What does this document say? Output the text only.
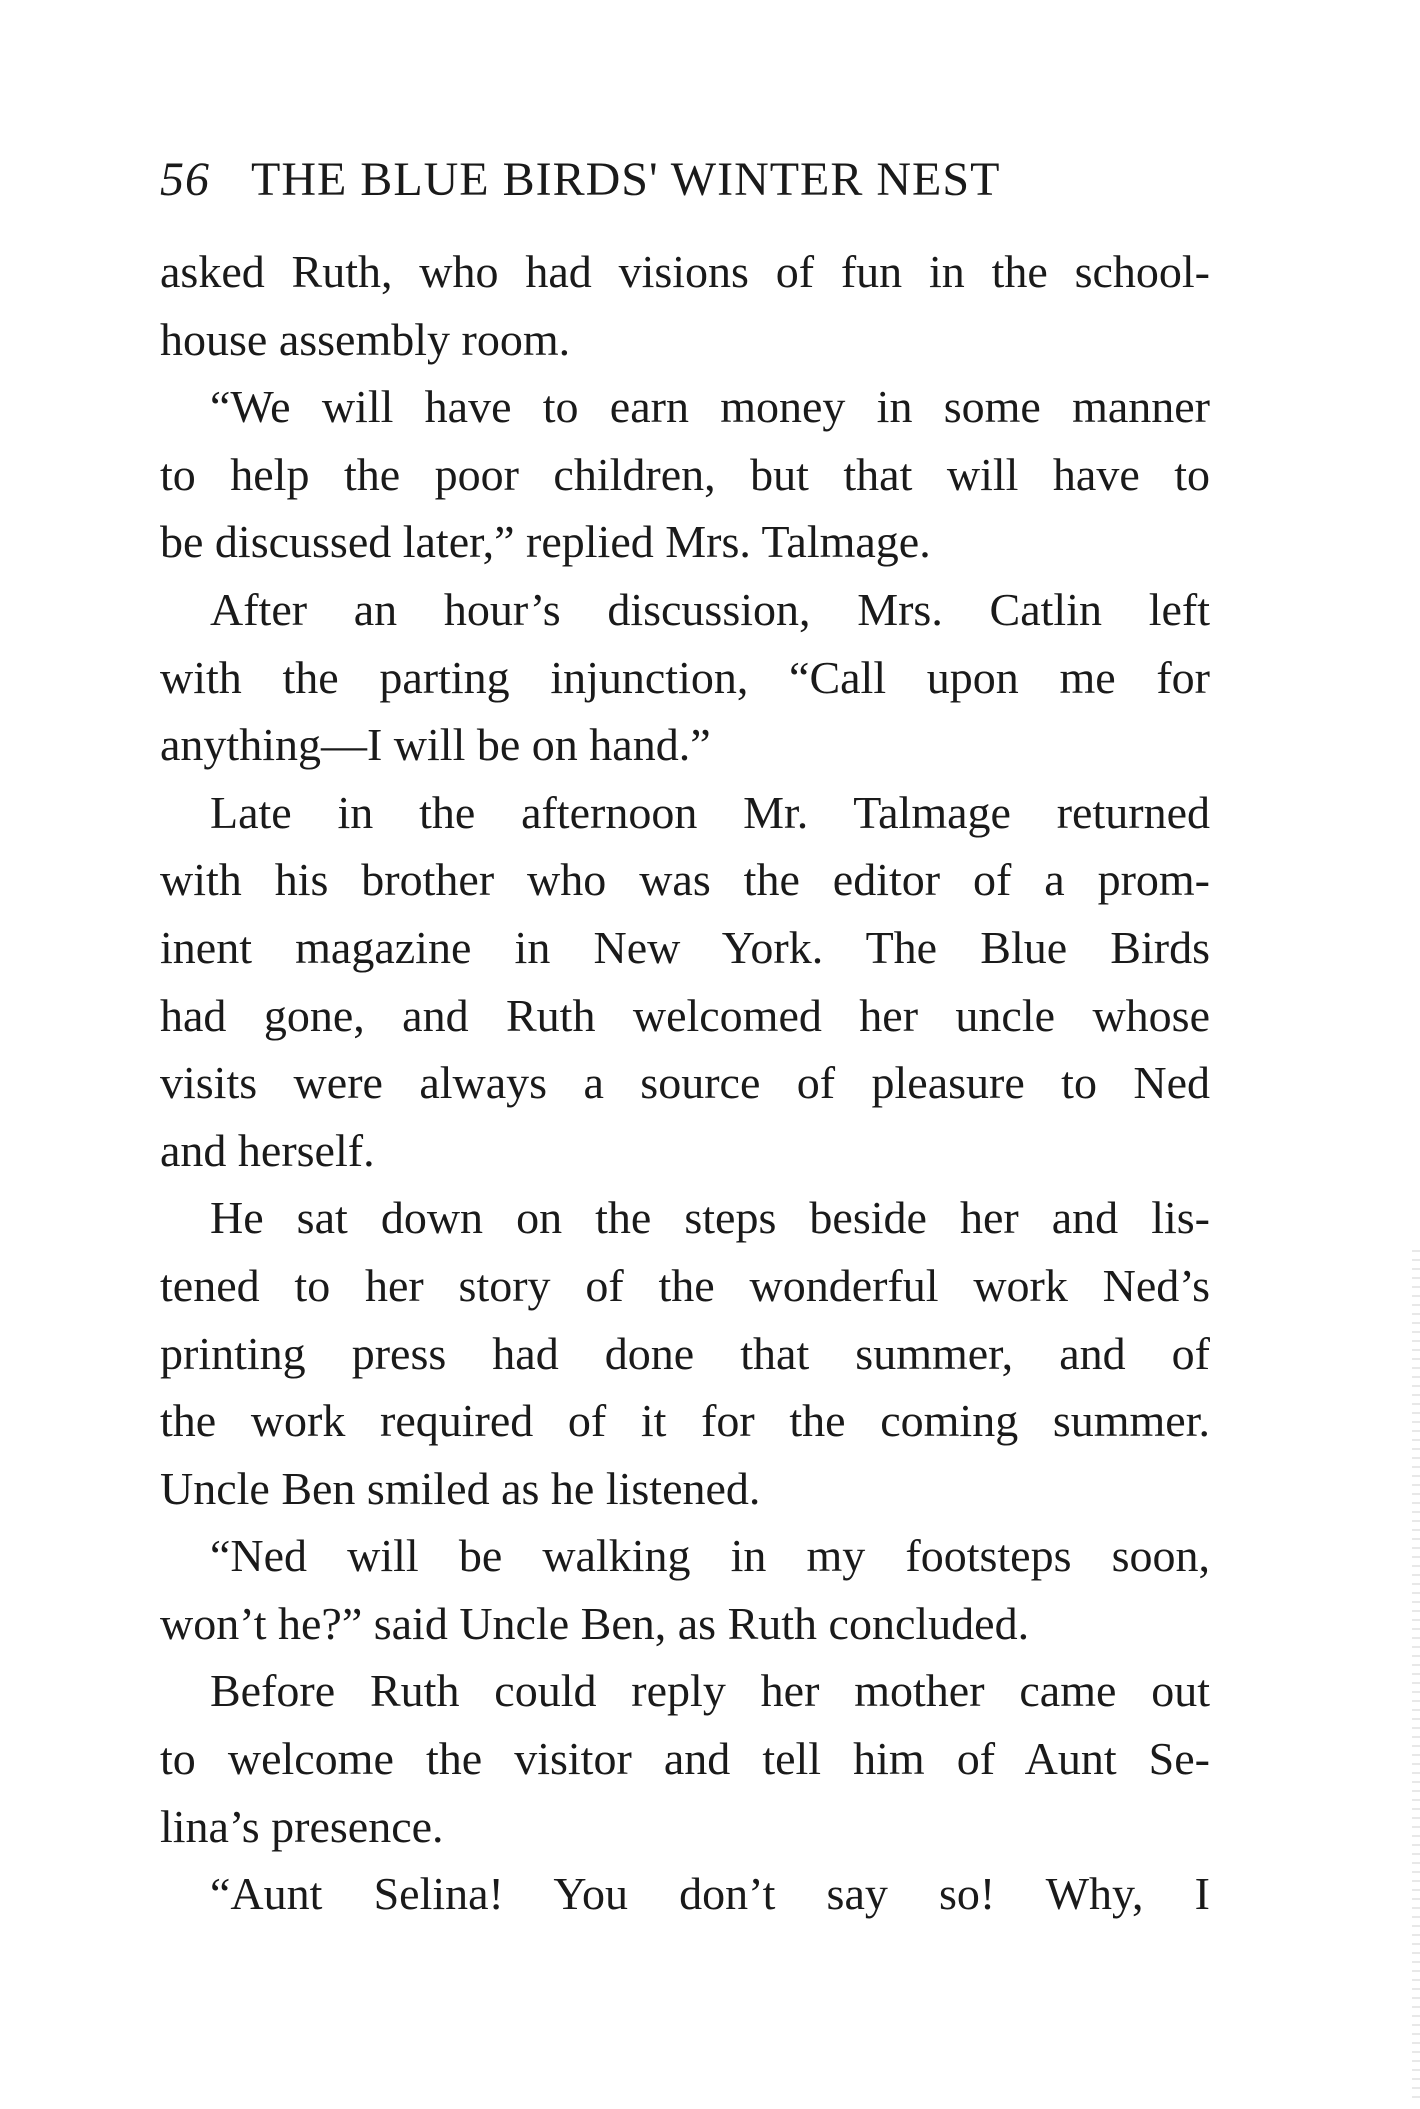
56 THE BLUE BIRDS' WINTER NEST
asked Ruth, who had visions of fun in the school-
house assembly room.
“We will have to earn money in some manner
to help the poor children, but that will have to
be discussed later,” replied Mrs. Talmage.
After an hour’s discussion, Mrs. Catlin left
with the parting injunction, “Call upon me for
anything—I will be on hand.”
Late in the afternoon Mr. Talmage returned
with his brother who was the editor of a prom-
inent magazine in New York. The Blue Birds
had gone, and Ruth welcomed her uncle whose
visits were always a source of pleasure to Ned
and herself.
He sat down on the steps beside her and lis-
tened to her story of the wonderful work Ned’s
printing press had done that summer, and of
the work required of it for the coming summer.
Uncle Ben smiled as he listened.
“Ned will be walking in my footsteps soon,
won’t he?” said Uncle Ben, as Ruth concluded.
Before Ruth could reply her mother came out
to welcome the visitor and tell him of Aunt Se-
lina’s presence.
“Aunt Selina! You don’t say so! Why, I
